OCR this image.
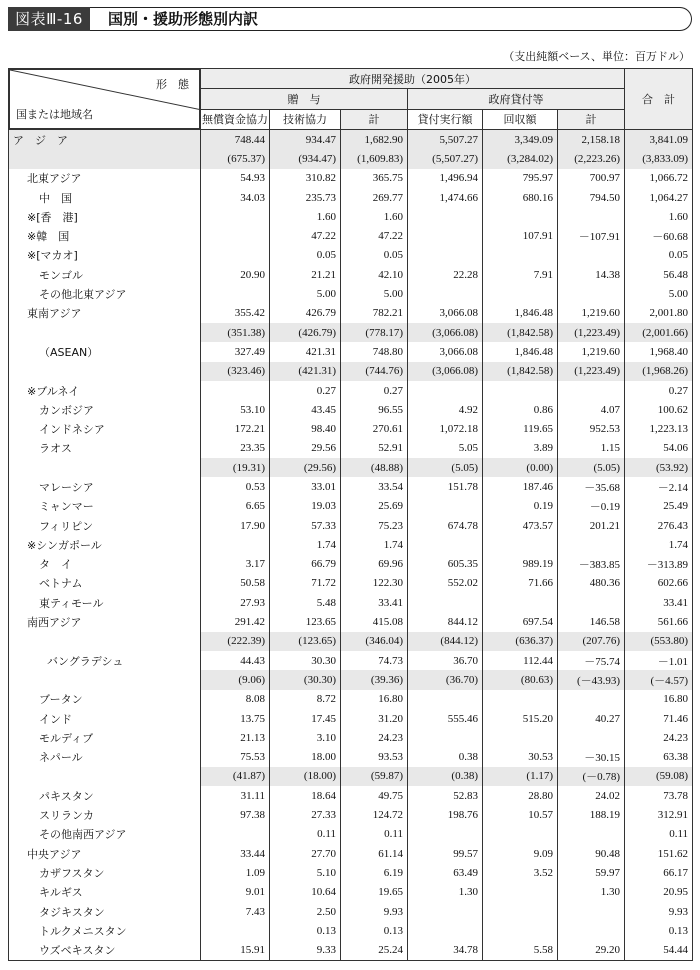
図表Ⅲ-16	国別・援助形態別内訳
（支出純額ベース、単位：百万ドル）
形　態
国または地域名	政府開発援助（2005年）						合　計
	贈　与			政府貸付等			
	無償資金協力	技術協力	計	貸付実行額	回収額	計	
ア　ジ　ア	748.44	934.47	1,682.90	5,507.27	3,349.09	2,158.18	3,841.09
	(675.37)	(934.47)	(1,609.83)	(5,507.27)	(3,284.02)	(2,223.26)	(3,833.09)
北東アジア	54.93	310.82	365.75	1,496.94	795.97	700.97	1,066.72
中　国	34.03	235.73	269.77	1,474.66	680.16	794.50	1,064.27
※[香　港]		1.60	1.60				1.60
※韓　国		47.22	47.22		107.91	－107.91	－60.68
※[マカオ]		0.05	0.05				0.05
モンゴル	20.90	21.21	42.10	22.28	7.91	14.38	56.48
その他北東アジア		5.00	5.00				5.00
東南アジア	355.42	426.79	782.21	3,066.08	1,846.48	1,219.60	2,001.80
	(351.38)	(426.79)	(778.17)	(3,066.08)	(1,842.58)	(1,223.49)	(2,001.66)
（ASEAN）	327.49	421.31	748.80	3,066.08	1,846.48	1,219.60	1,968.40
	(323.46)	(421.31)	(744.76)	(3,066.08)	(1,842.58)	(1,223.49)	(1,968.26)
※ブルネイ		0.27	0.27				0.27
カンボジア	53.10	43.45	96.55	4.92	0.86	4.07	100.62
インドネシア	172.21	98.40	270.61	1,072.18	119.65	952.53	1,223.13
ラオス	23.35	29.56	52.91	5.05	3.89	1.15	54.06
	(19.31)	(29.56)	(48.88)	(5.05)	(0.00)	(5.05)	(53.92)
マレーシア	0.53	33.01	33.54	151.78	187.46	－35.68	－2.14
ミャンマー	6.65	19.03	25.69		0.19	－0.19	25.49
フィリピン	17.90	57.33	75.23	674.78	473.57	201.21	276.43
※シンガポール		1.74	1.74				1.74
タ　イ	3.17	66.79	69.96	605.35	989.19	－383.85	－313.89
ベトナム	50.58	71.72	122.30	552.02	71.66	480.36	602.66
東ティモール	27.93	5.48	33.41				33.41
南西アジア	291.42	123.65	415.08	844.12	697.54	146.58	561.66
	(222.39)	(123.65)	(346.04)	(844.12)	(636.37)	(207.76)	(553.80)
バングラデシュ	44.43	30.30	74.73	36.70	112.44	－75.74	－1.01
	(9.06)	(30.30)	(39.36)	(36.70)	(80.63)	(－43.93)	(－4.57)
ブータン	8.08	8.72	16.80				16.80
インド	13.75	17.45	31.20	555.46	515.20	40.27	71.46
モルディブ	21.13	3.10	24.23				24.23
ネパール	75.53	18.00	93.53	0.38	30.53	－30.15	63.38
	(41.87)	(18.00)	(59.87)	(0.38)	(1.17)	(－0.78)	(59.08)
パキスタン	31.11	18.64	49.75	52.83	28.80	24.02	73.78
スリランカ	97.38	27.33	124.72	198.76	10.57	188.19	312.91
その他南西アジア		0.11	0.11				0.11
中央アジア	33.44	27.70	61.14	99.57	9.09	90.48	151.62
カザフスタン	1.09	5.10	6.19	63.49	3.52	59.97	66.17
キルギス	9.01	10.64	19.65	1.30		1.30	20.95
タジキスタン	7.43	2.50	9.93				9.93
トルクメニスタン		0.13	0.13				0.13
ウズベキスタン	15.91	9.33	25.24	34.78	5.58	29.20	54.44
